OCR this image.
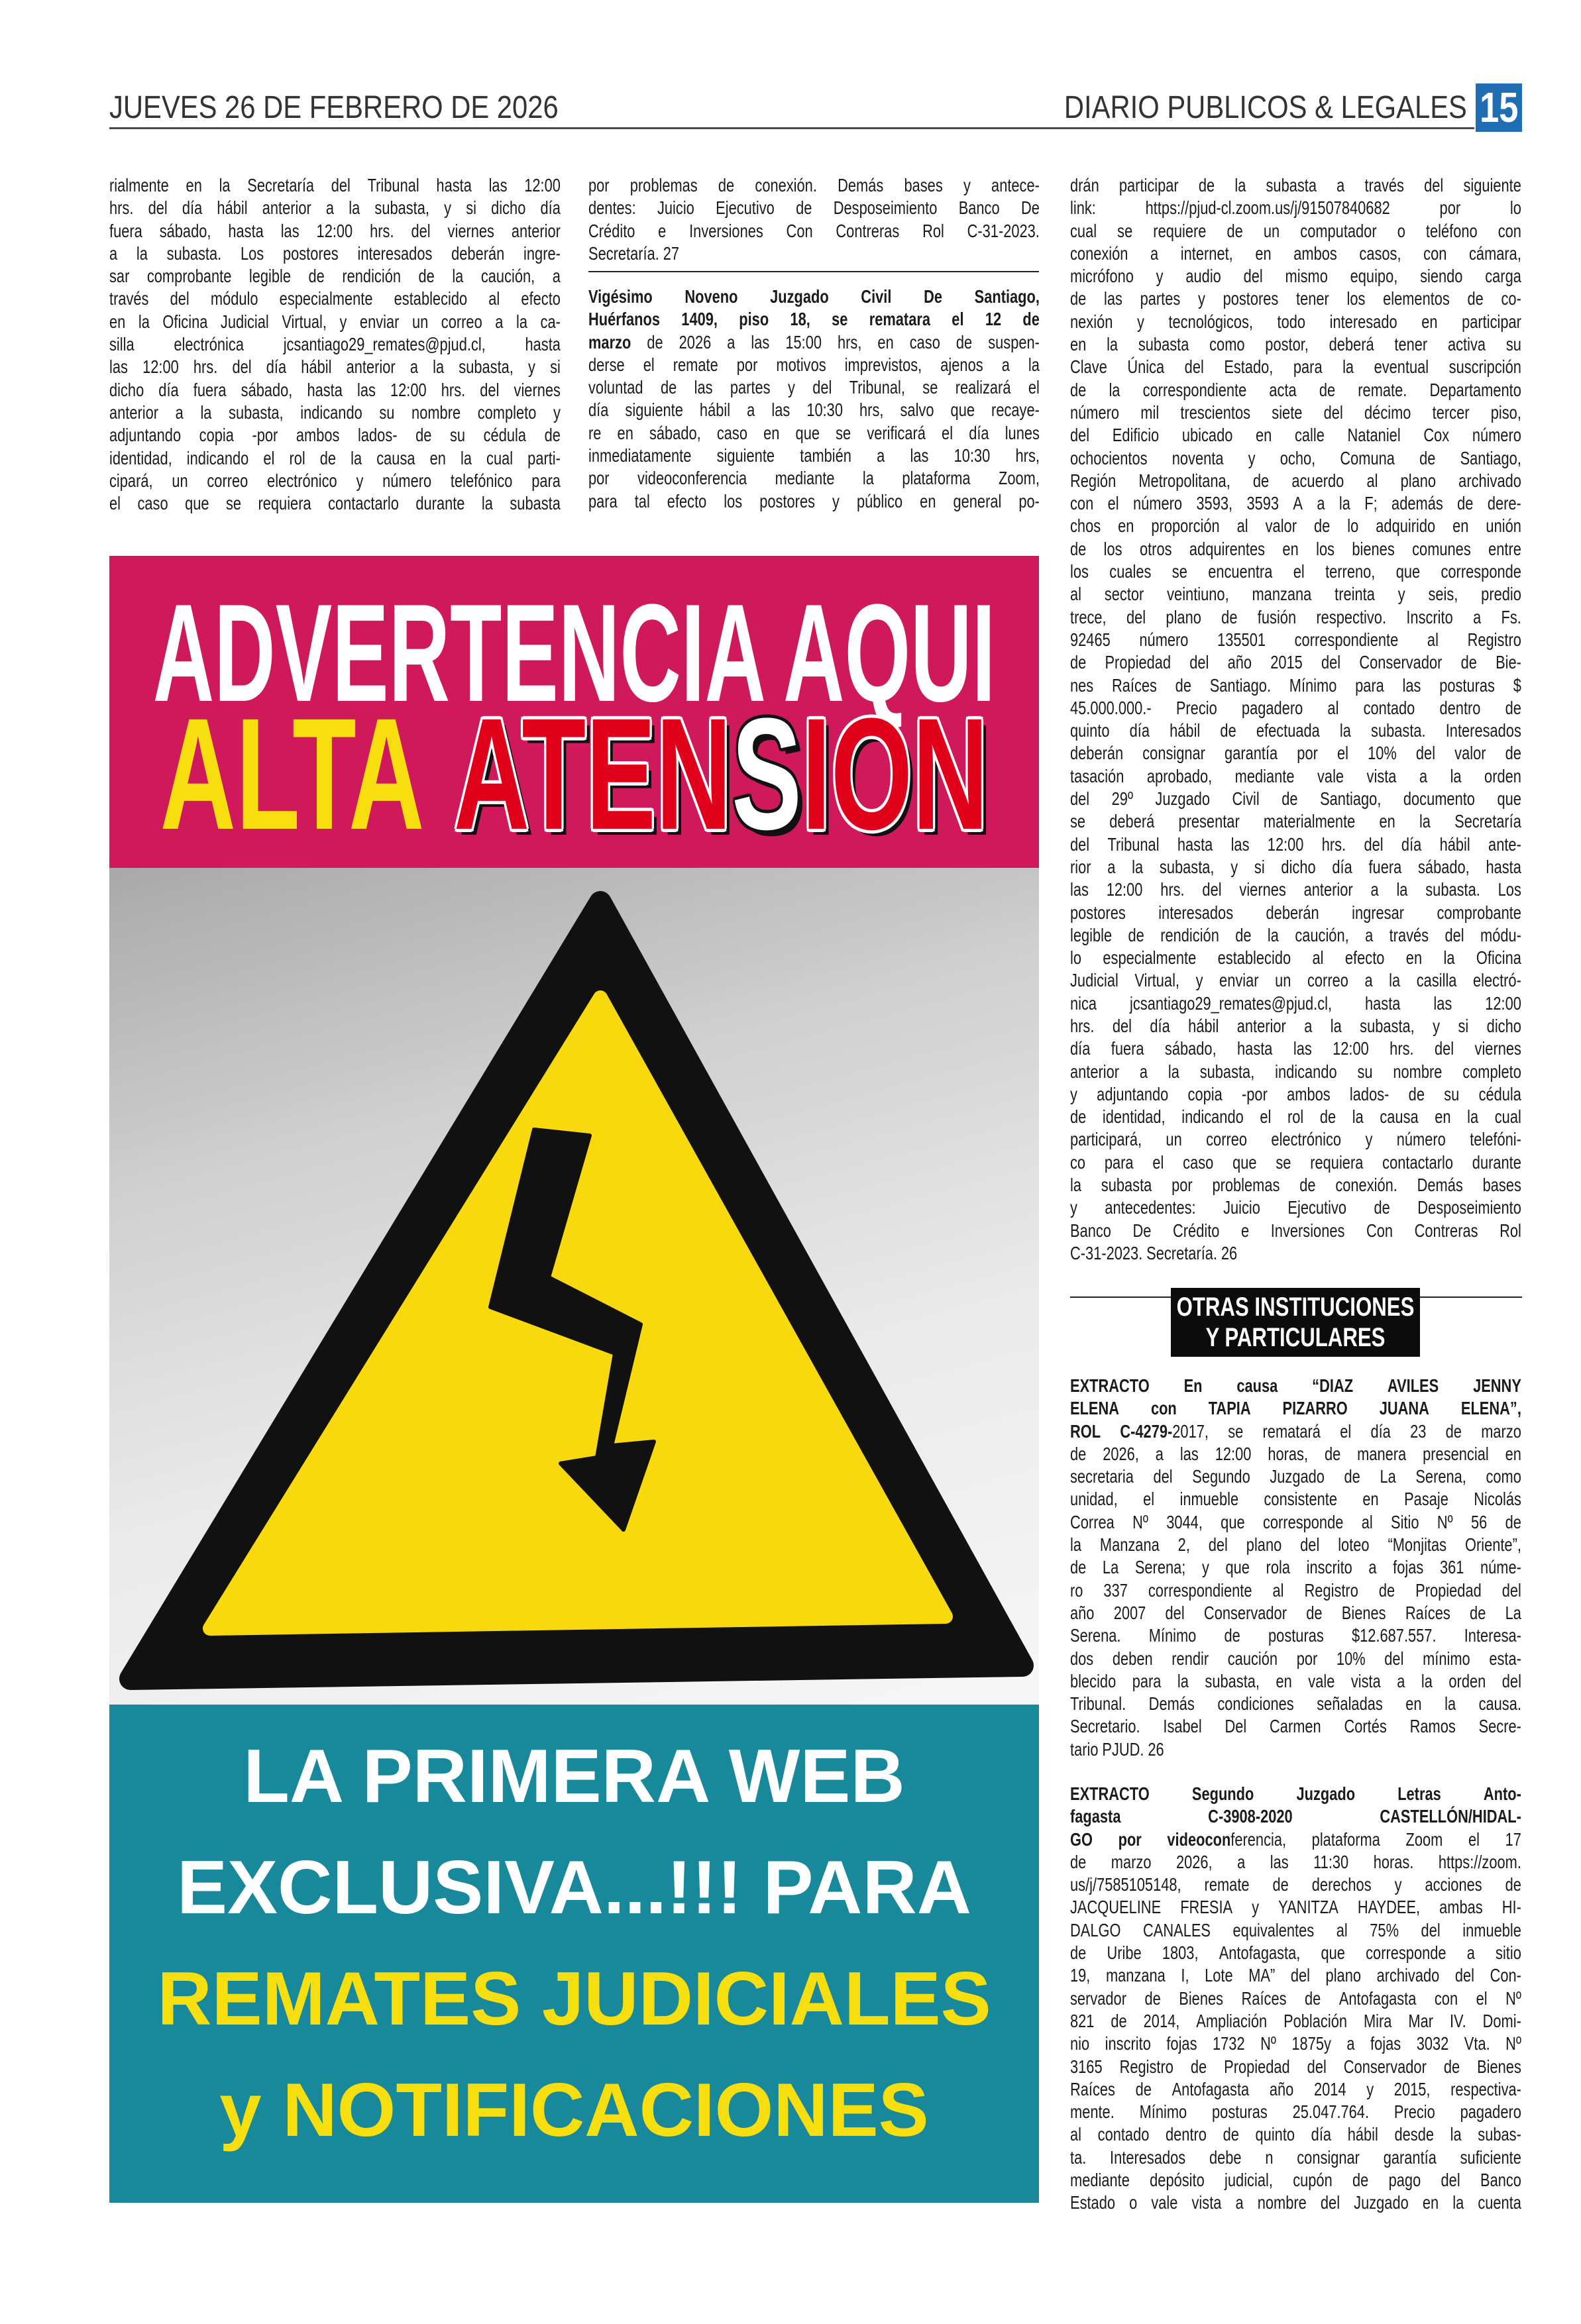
JUEVES 26 DE FEBRERO DE 2026	DIARIO PUBLICOS & LEGALES 15
rialmente en la Secretaría del Tribunal hasta las 12:00
hrs. del día hábil anterior a la subasta, y si dicho día
fuera sábado, hasta las 12:00 hrs. del viernes anterior
a la subasta. Los postores interesados deberán ingre-
sar comprobante legible de rendición de la caución, a
través del módulo especialmente establecido al efecto
en la Oficina Judicial Virtual, y enviar un correo a la ca-
silla electrónica jcsantiago29_remates@pjud.cl, hasta
las 12:00 hrs. del día hábil anterior a la subasta, y si
dicho día fuera sábado, hasta las 12:00 hrs. del viernes
anterior a la subasta, indicando su nombre completo y
adjuntando copia -por ambos lados- de su cédula de
identidad, indicando el rol de la causa en la cual parti-
cipará, un correo electrónico y número telefónico para
el caso que se requiera contactarlo durante la subasta
por problemas de conexión. Demás bases y antece-
dentes: Juicio Ejecutivo de Desposeimiento Banco De
Crédito e Inversiones Con Contreras Rol C-31-2023.
Secretaría. 27
Vigésimo Noveno Juzgado Civil De Santiago,
Huérfanos 1409, piso 18, se rematara el 12 de
marzo de 2026 a las 15:00 hrs, en caso de suspen-
derse el remate por motivos imprevistos, ajenos a la
voluntad de las partes y del Tribunal, se realizará el
día siguiente hábil a las 10:30 hrs, salvo que recaye-
re en sábado, caso en que se verificará el día lunes
inmediatamente siguiente también a las 10:30 hrs,
por videoconferencia mediante la plataforma Zoom,
para tal efecto los postores y público en general po-
drán participar de la subasta a través del siguiente
link:	https://pjud-cl.zoom.us/j/91507840682	por	lo
cual se requiere de un computador o teléfono con
conexión a internet, en ambos casos, con cámara,
micrófono y audio del mismo equipo, siendo carga
de las partes y postores tener los elementos de co-
nexión y tecnológicos, todo interesado en participar
en la subasta como postor, deberá tener activa su
Clave Única del Estado, para la eventual suscripción
de la correspondiente acta de remate. Departamento
número mil trescientos siete del décimo tercer piso,
del Edificio ubicado en calle Nataniel Cox número
ochocientos noventa y ocho, Comuna de Santiago,
Región Metropolitana, de acuerdo al plano archivado
con el número 3593, 3593 A a la F; además de dere-
chos en proporción al valor de lo adquirido en unión
de los otros adquirentes en los bienes comunes entre
los cuales se encuentra el terreno, que corresponde
al sector veintiuno, manzana treinta y seis, predio
trece, del plano de fusión respectivo. Inscrito a Fs.
92465 número 135501 correspondiente al Registro
de Propiedad del año 2015 del Conservador de Bie-
nes Raíces de Santiago. Mínimo para las posturas $
45.000.000.- Precio pagadero al contado dentro de
quinto día hábil de efectuada la subasta. Interesados
deberán consignar garantía por el 10% del valor de
tasación aprobado, mediante vale vista a la orden
del 29º Juzgado Civil de Santiago, documento que
se deberá presentar materialmente en la Secretaría
del Tribunal hasta las 12:00 hrs. del día hábil ante-
rior a la subasta, y si dicho día fuera sábado, hasta
las 12:00 hrs. del viernes anterior a la subasta. Los
postores interesados deberán ingresar comprobante
legible de rendición de la caución, a través del módu-
lo especialmente establecido al efecto en la Oficina
Judicial Virtual, y enviar un correo a la casilla electró-
nica jcsantiago29_remates@pjud.cl, hasta las 12:00
hrs. del día hábil anterior a la subasta, y si dicho
día fuera sábado, hasta las 12:00 hrs. del viernes
anterior a la subasta, indicando su nombre completo
y adjuntando copia -por ambos lados- de su cédula
de identidad, indicando el rol de la causa en la cual
participará, un correo electrónico y número telefóni-
co para el caso que se requiera contactarlo durante
la subasta por problemas de conexión. Demás bases
y antecedentes: Juicio Ejecutivo de Desposeimiento
Banco De Crédito e Inversiones Con Contreras Rol
C-31-2023. Secretaría. 26
OTRAS INSTITUCIONES
Y PARTICULARES
EXTRACTO En causa “DIAZ AVILES JENNY
ELENA con TAPIA PIZARRO JUANA ELENA”,
ROL C-4279-2017, se rematará el día 23 de marzo
de 2026, a las 12:00 horas, de manera presencial en
secretaria del Segundo Juzgado de La Serena, como
unidad, el inmueble consistente en Pasaje Nicolás
Correa Nº 3044, que corresponde al Sitio Nº 56 de
la Manzana 2, del plano del loteo “Monjitas Oriente”,
de La Serena; y que rola inscrito a fojas 361 núme-
ro 337 correspondiente al Registro de Propiedad del
año 2007 del Conservador de Bienes Raíces de La
Serena. Mínimo de posturas $12.687.557. Interesa-
dos deben rendir caución por 10% del mínimo esta-
blecido para la subasta, en vale vista a la orden del
Tribunal. Demás condiciones señaladas en la causa.
Secretario. Isabel Del Carmen Cortés Ramos Secre-
tario PJUD. 26
EXTRACTO Segundo Juzgado Letras Anto-
fagasta	C-3908-2020	CASTELLÓN/HIDAL-
GO por videoconferencia, plataforma Zoom el 17
de marzo 2026, a las 11:30 horas. https://zoom.
us/j/7585105148, remate de derechos y acciones de
JACQUELINE FRESIA y YANITZA HAYDEE, ambas HI-
DALGO CANALES equivalentes al 75% del inmueble
de Uribe 1803, Antofagasta, que corresponde a sitio
19, manzana I, Lote MA” del plano archivado del Con-
servador de Bienes Raíces de Antofagasta con el Nº
821 de 2014, Ampliación Población Mira Mar IV. Domi-
nio inscrito fojas 1732 Nº 1875y a fojas 3032 Vta. Nº
3165 Registro de Propiedad del Conservador de Bienes
Raíces de Antofagasta año 2014 y 2015, respectiva-
mente. Mínimo posturas 25.047.764. Precio pagadero
al contado dentro de quinto día hábil desde la subas-
ta. Interesados debe n consignar garantía suficiente
mediante depósito judicial, cupón de pago del Banco
Estado o vale vista a nombre del Juzgado en la cuenta
ADVERTENCIA AQUI
ALTA ATENSION
LA PRIMERA WEB
EXCLUSIVA...!!! PARA
REMATES JUDICIALES
y NOTIFICACIONES
